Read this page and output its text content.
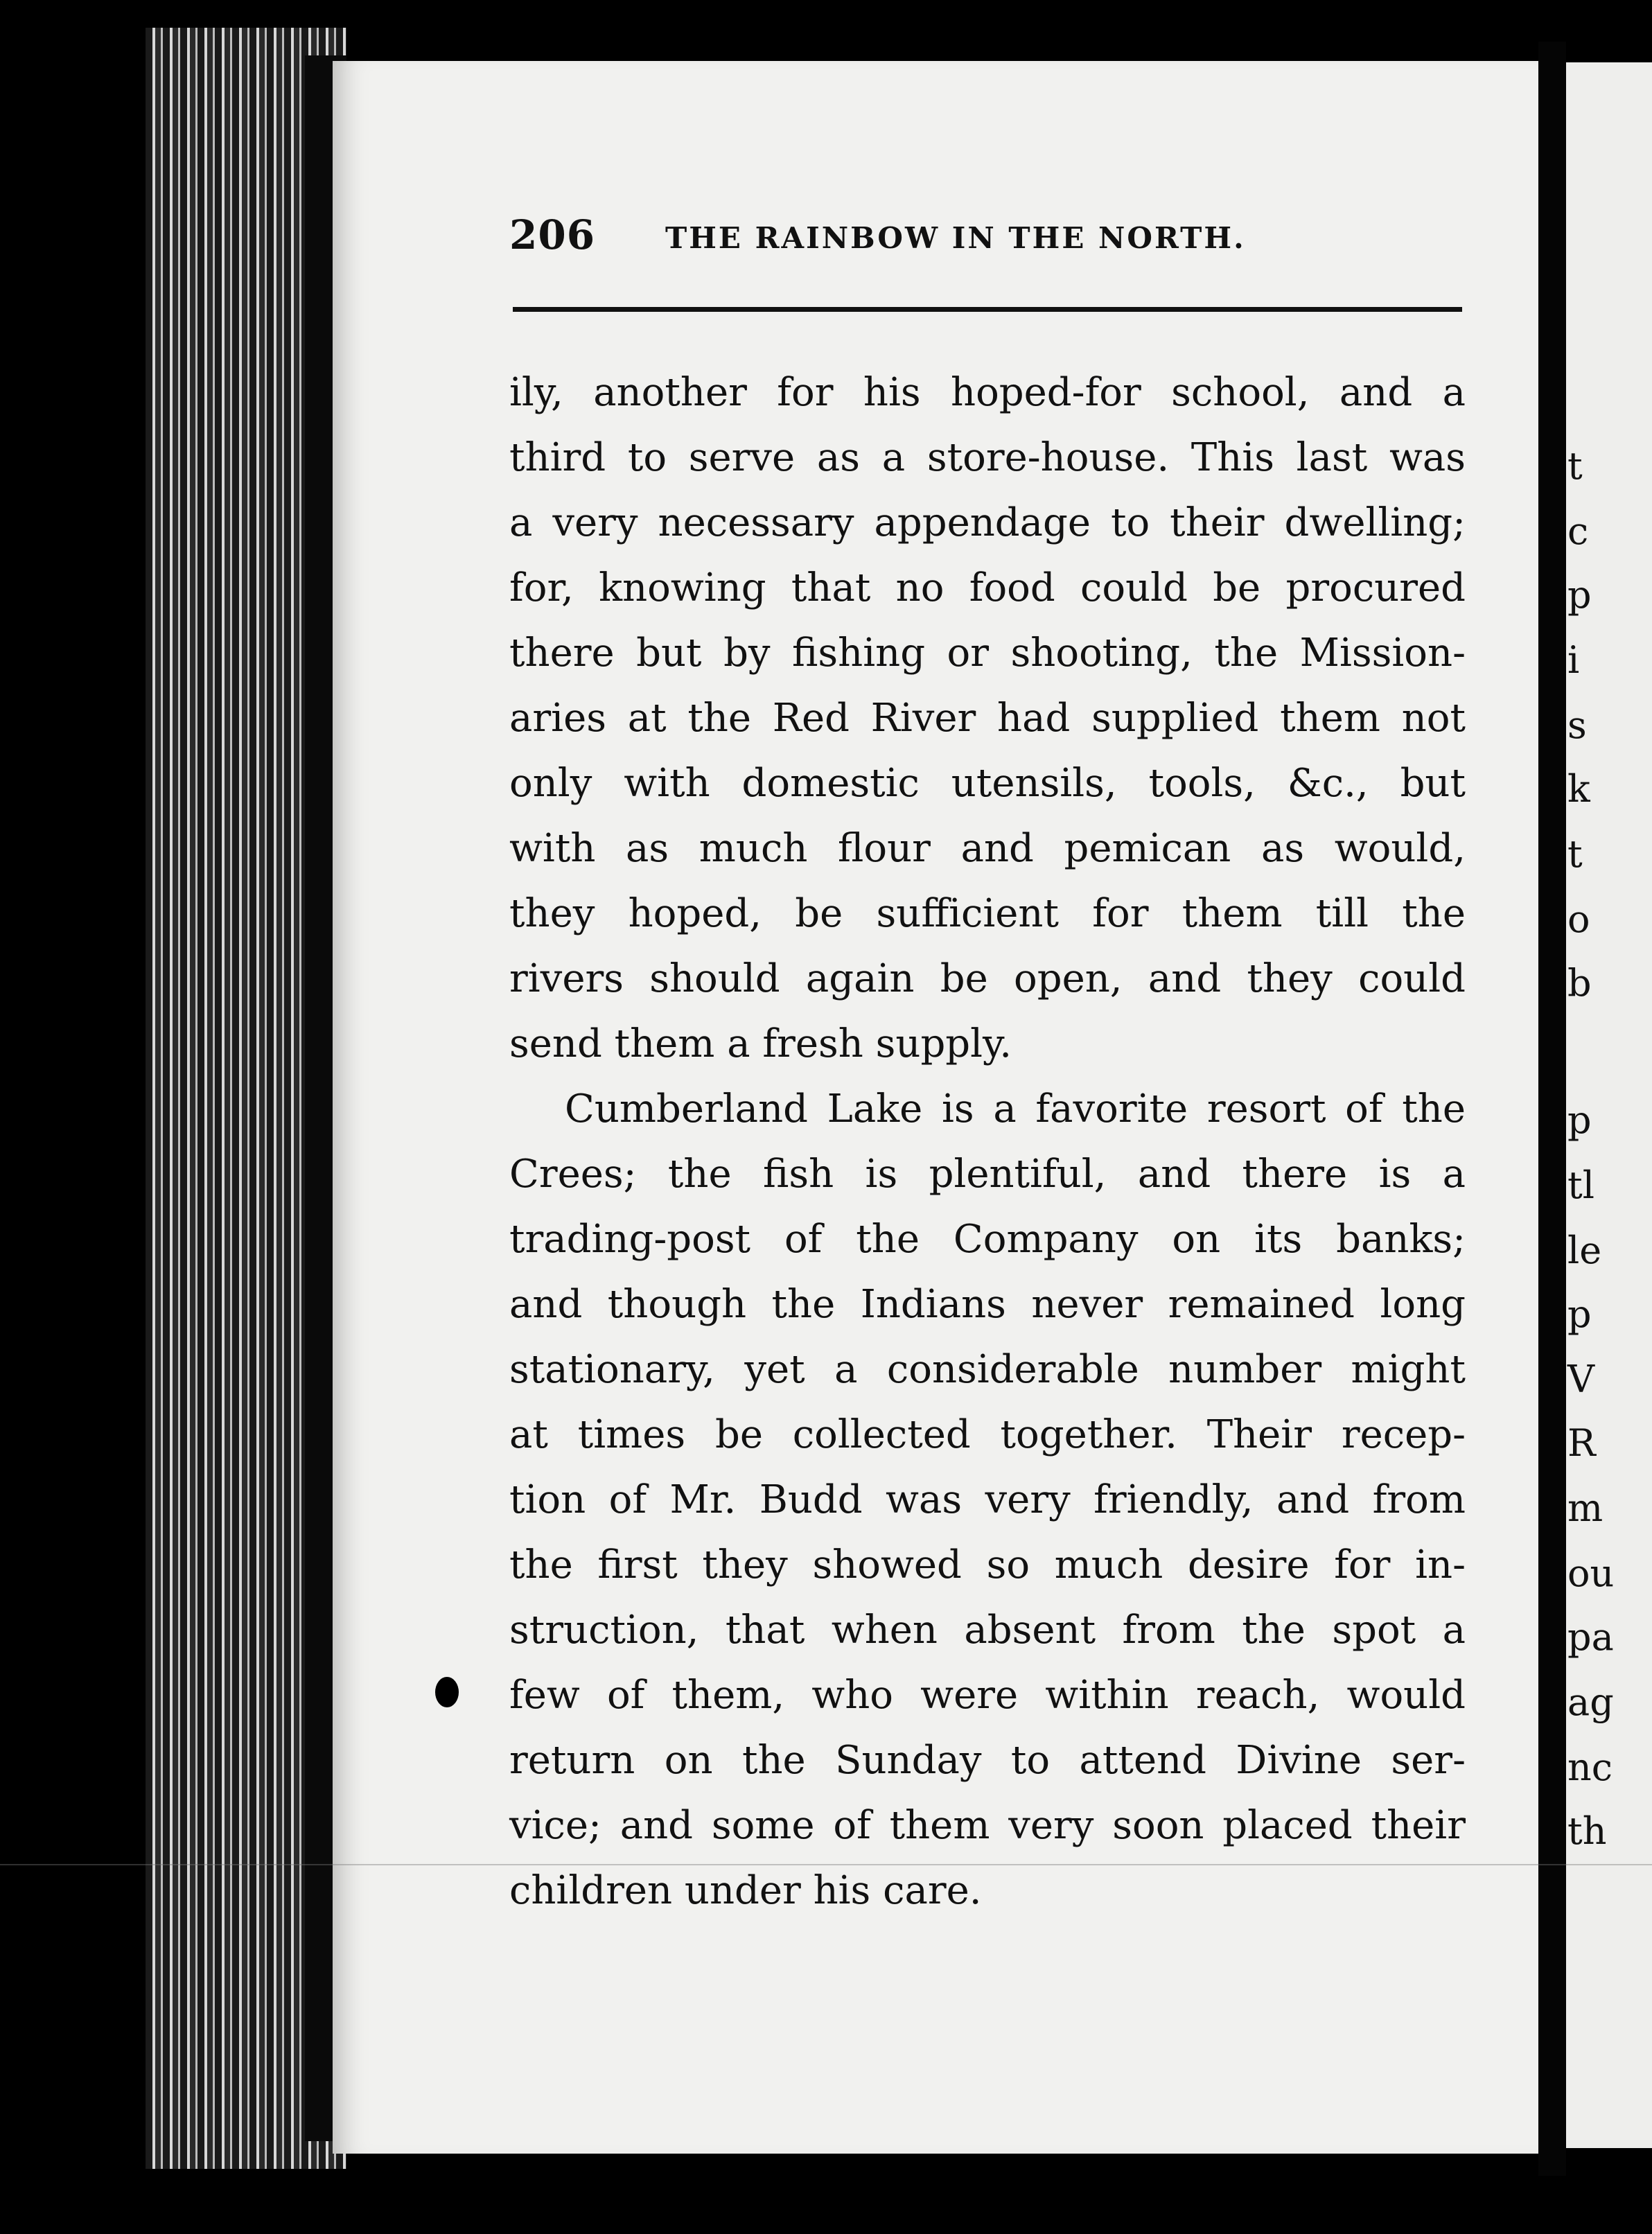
206 THE RAINBOW IN THE NORTH.
ily, another for his hoped-for school, and a
third to serve as a store-house. This last was
a very necessary appendage to their dwelling;
for, knowing that no food could be procured
there but by fishing or shooting, the Mission-
aries at the Red River had supplied them not
only with domestic utensils, tools, &c., but
with as much flour and pemican as would,
they hoped, be sufficient for them till the
rivers should again be open, and they could
send them a fresh supply.
Cumberland Lake is a favorite resort of the
Crees; the fish is plentiful, and there is a
trading-post of the Company on its banks;
and though the Indians never remained long
stationary, yet a considerable number might
at times be collected together. Their recep-
tion of Mr. Budd was very friendly, and from
the first they showed so much desire for in-
struction, that when absent from the spot a
few of them, who were within reach, would
return on the Sunday to attend Divine ser-
vice; and some of them very soon placed their
children under his care.
t
c
p
i
s
k
t
o
b
p
tl
le
p
V
R
m
ou
pa
ag
nc
th
